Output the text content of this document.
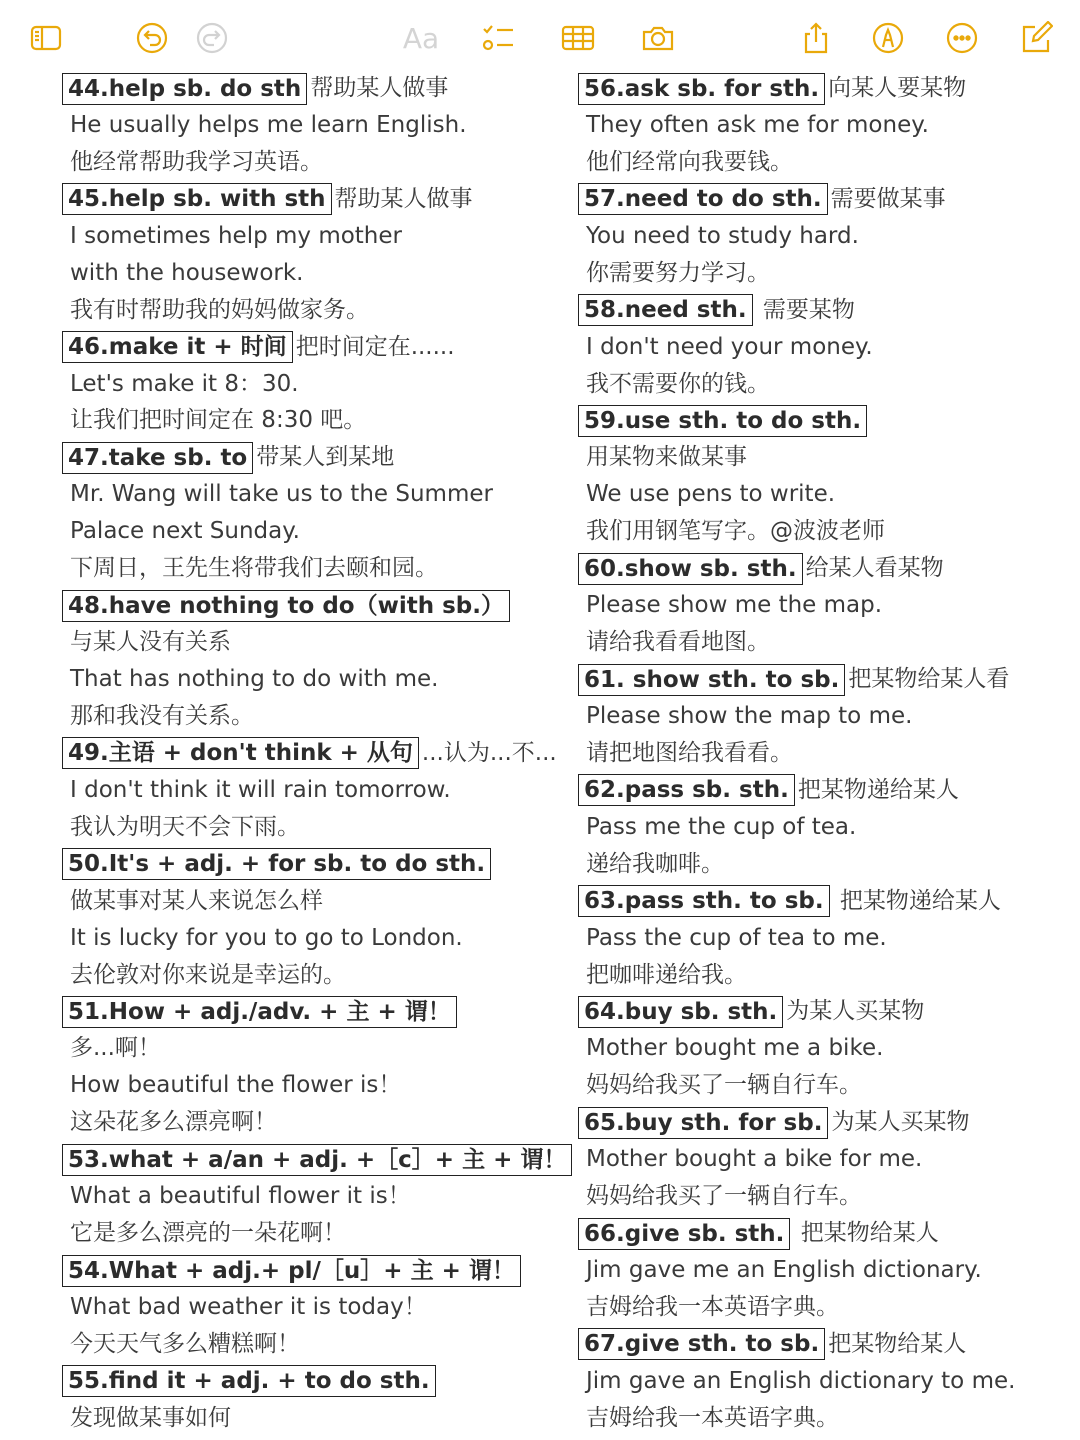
Aa
44.help sb. do sth 帮助某人做事
He usually helps me learn English.
他经常帮助我学习英语。
45.help sb. with sth 帮助某人做事
I sometimes help my mother
with the housework.
我有时帮助我的妈妈做家务。
46.make it + 时间 把时间定在......
Let's make it 8：30.
让我们把时间定在 8:30 吧。
47.take sb. to 带某人到某地
Mr. Wang will take us to the Summer
Palace next Sunday.
下周日，王先生将带我们去颐和园。
48.have nothing to do（with sb.）
与某人没有关系
That has nothing to do with me.
那和我没有关系。
49.主语 + don't think + 从句 ...认为...不...
I don't think it will rain tomorrow.
我认为明天不会下雨。
50.It's + adj. + for sb. to do sth.
做某事对某人来说怎么样
It is lucky for you to go to London.
去伦敦对你来说是幸运的。
51.How + adj./adv. + 主 + 谓！
多...啊！
How beautiful the flower is！
这朵花多么漂亮啊！
53.what + a/an + adj. +［c］+ 主 + 谓！
What a beautiful flower it is！
它是多么漂亮的一朵花啊！
54.What + adj.+ pl/［u］+ 主 + 谓！
What bad weather it is today！
今天天气多么糟糕啊！
55.find it + adj. + to do sth.
发现做某事如何
56.ask sb. for sth. 向某人要某物
They often ask me for money.
他们经常向我要钱。
57.need to do sth. 需要做某事
You need to study hard.
你需要努力学习。
58.need sth. 需要某物
I don't need your money.
我不需要你的钱。
59.use sth. to do sth.
用某物来做某事
We use pens to write.
我们用钢笔写字。@波波老师
60.show sb. sth. 给某人看某物
Please show me the map.
请给我看看地图。
61. show sth. to sb. 把某物给某人看
Please show the map to me.
请把地图给我看看。
62.pass sb. sth. 把某物递给某人
Pass me the cup of tea.
递给我咖啡。
63.pass sth. to sb. 把某物递给某人
Pass the cup of tea to me.
把咖啡递给我。
64.buy sb. sth. 为某人买某物
Mother bought me a bike.
妈妈给我买了一辆自行车。
65.buy sth. for sb. 为某人买某物
Mother bought a bike for me.
妈妈给我买了一辆自行车。
66.give sb. sth. 把某物给某人
Jim gave me an English dictionary.
吉姆给我一本英语字典。
67.give sth. to sb. 把某物给某人
Jim gave an English dictionary to me.
吉姆给我一本英语字典。
